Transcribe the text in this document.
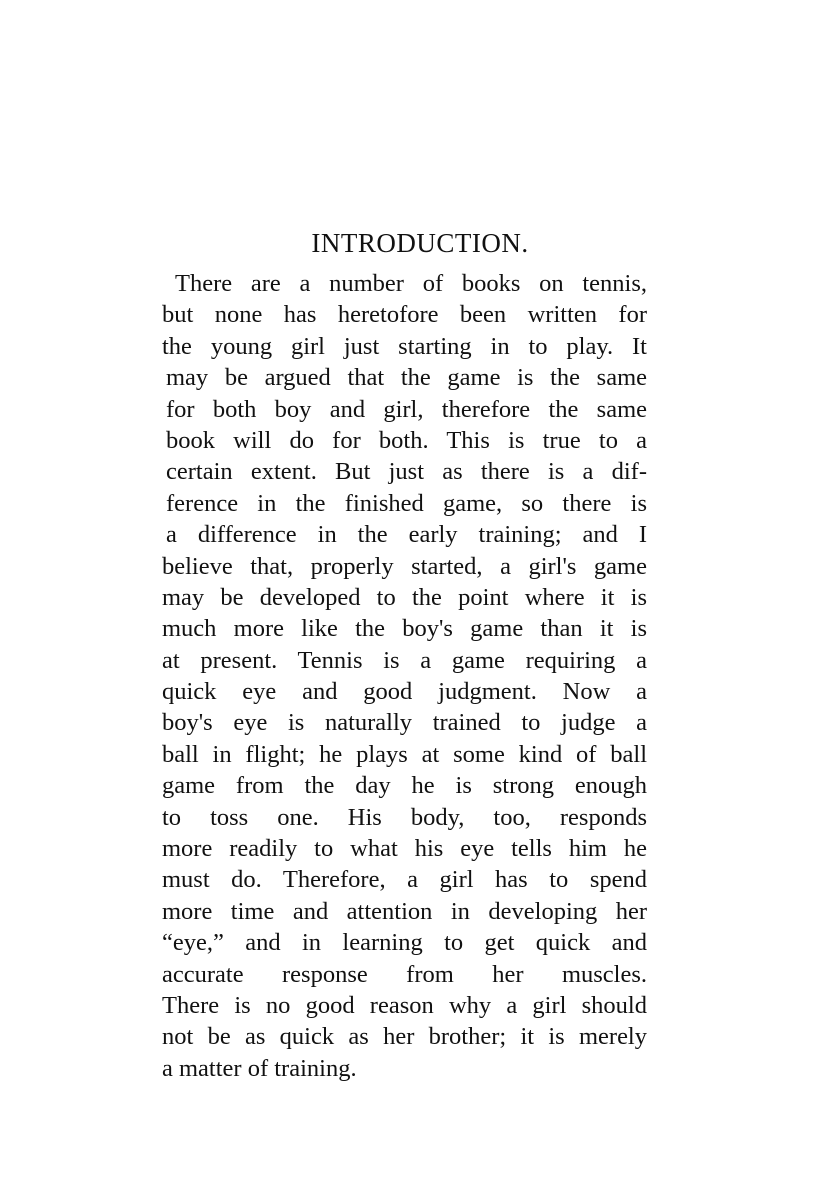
INTRODUCTION.
There are a number of books on tennis,
but none has heretofore been written for
the young girl just starting in to play. It
may be argued that the game is the same
for both boy and girl, therefore the same
book will do for both. This is true to a
certain extent. But just as there is a dif-
ference in the finished game, so there is
a difference in the early training; and I
believe that, properly started, a girl's game
may be developed to the point where it is
much more like the boy's game than it is
at present. Tennis is a game requiring a
quick eye and good judgment. Now a
boy's eye is naturally trained to judge a
ball in flight; he plays at some kind of ball
game from the day he is strong enough
to toss one. His body, too, responds
more readily to what his eye tells him he
must do. Therefore, a girl has to spend
more time and attention in developing her
“eye,” and in learning to get quick and
accurate response from her muscles.
There is no good reason why a girl should
not be as quick as her brother; it is merely
a matter of training.
